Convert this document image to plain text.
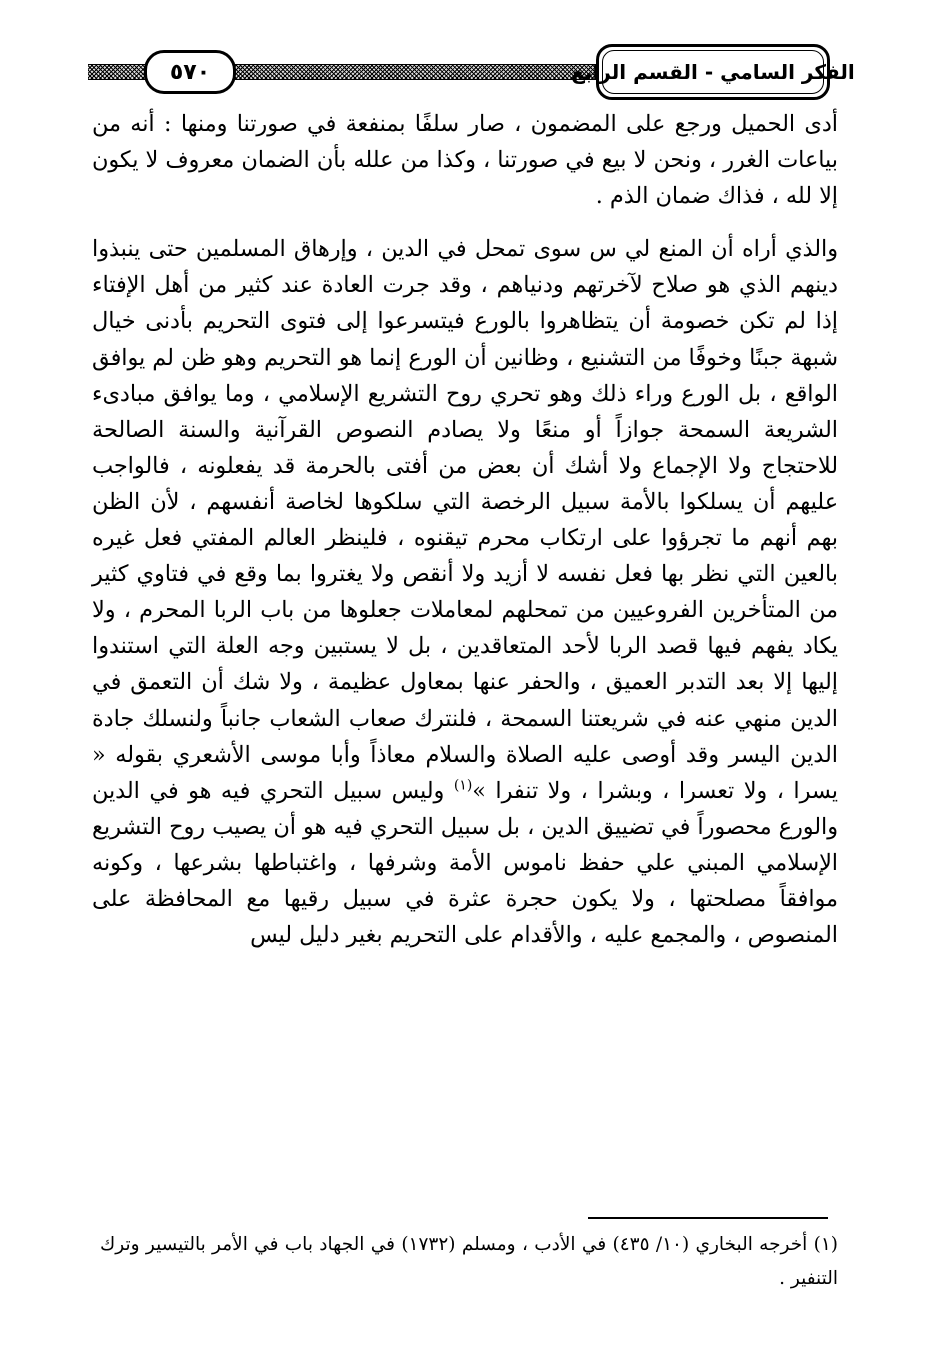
الفكر السامي - القسم الرابع
٥٧٠

أدى الحميل ورجع على المضمون ، صار سلفًا بمنفعة في صورتنا ومنها : أنه من بياعات الغرر ، ونحن لا بيع في صورتنا ، وكذا من علله بأن الضمان معروف لا يكون إلا لله ، فذاك ضمان الذم .

والذي أراه أن المنع لي س سوى تمحل في الدين ، وإرهاق المسلمين حتى ينبذوا دينهم الذي هو صلاح لآخرتهم ودنياهم ، وقد جرت العادة عند كثير من أهل الإفتاء إذا لم تكن خصومة أن يتظاهروا بالورع فيتسرعوا إلى فتوى التحريم بأدنى خيال شبهة جبنًا وخوفًا من التشنيع ، وظانين أن الورع إنما هو التحريم وهو ظن لم يوافق الواقع ، بل الورع وراء ذلك وهو تحري روح التشريع الإسلامي ، وما يوافق مبادىء الشريعة السمحة جوازاً أو منعًا ولا يصادم النصوص القرآنية والسنة الصالحة للاحتجاج ولا الإجماع ولا أشك أن بعض من أفتى بالحرمة قد يفعلونه ، فالواجب عليهم أن يسلكوا بالأمة سبيل الرخصة التي سلكوها لخاصة أنفسهم ، لأن الظن بهم أنهم ما تجرؤوا على ارتكاب محرم تيقنوه ، فلينظر العالم المفتي فعل غيره بالعين التي نظر بها فعل نفسه لا أزيد ولا أنقص ولا يغتروا بما وقع في فتاوي كثير من المتأخرين الفروعيين من تمحلهم لمعاملات جعلوها من باب الربا المحرم ، ولا يكاد يفهم فيها قصد الربا لأحد المتعاقدين ، بل لا يستبين وجه العلة التي استندوا إليها إلا بعد التدبر العميق ، والحفر عنها بمعاول عظيمة ، ولا شك أن التعمق في الدين منهي عنه في شريعتنا السمحة ، فلنترك صعاب الشعاب جانباً ولنسلك جادة الدين اليسر وقد أوصى عليه الصلاة والسلام معاذاً وأبا موسى الأشعري بقوله « يسرا ، ولا تعسرا ، وبشرا ، ولا تنفرا »$^{(١)}$ وليس سبيل التحري فيه هو في الدين والورع محصوراً في تضييق الدين ، بل سبيل التحري فيه هو أن يصيب روح التشريع الإسلامي المبني علي حفظ ناموس الأمة وشرفها ، واغتباطها بشرعها ، وكونه موافقاً مصلحتها ، ولا يكون حجرة عثرة في سبيل رقيها مع المحافظة على المنصوص ، والمجمع عليه ، والأقدام على التحريم بغير دليل ليس

(١) أخرجه البخاري (١٠/ ٤٣٥) في الأدب ، ومسلم (١٧٣٢) في الجهاد باب في الأمر بالتيسير وترك التنفير .
